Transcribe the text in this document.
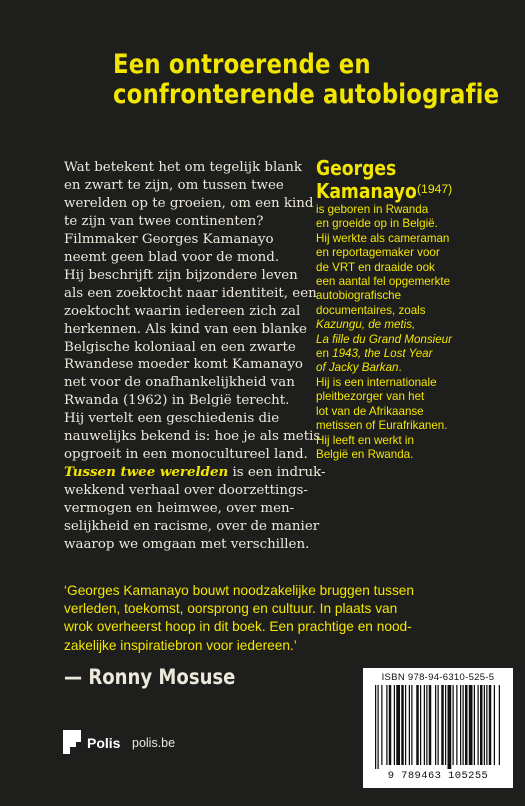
Een ontroerende en
confronterende autobiografie
Wat betekent het om tegelijk blank
en zwart te zijn, om tussen twee
werelden op te groeien, om een kind
te zijn van twee continenten?
Filmmaker Georges Kamanayo
neemt geen blad voor de mond.
Hij beschrijft zijn bijzondere leven
als een zoektocht naar identiteit, een
zoektocht waarin iedereen zich zal
herkennen. Als kind van een blanke
Belgische koloniaal en een zwarte
Rwandese moeder komt Kamanayo
net voor de onafhankelijkheid van
Rwanda (1962) in België terecht.
Hij vertelt een geschiedenis die
nauwelijks bekend is: hoe je als metis
opgroeit in een monocultureel land.
Tussen twee werelden is een indruk-
wekkend verhaal over doorzettings-
vermogen en heimwee, over men-
selijkheid en racisme, over de manier
waarop we omgaan met verschillen.
Georges
Kamanayo (1947)
is geboren in Rwanda
en groeide op in België.
Hij werkte als cameraman
en reportagemaker voor
de VRT en draaide ook
een aantal fel opgemerkte
autobiografische
documentaires, zoals
Kazungu, de metis,
La fille du Grand Monsieur
en 1943, the Lost Year
of Jacky Barkan.
Hij is een internationale
pleitbezorger van het
lot van de Afrikaanse
metissen of Eurafrikanen.
Hij leeft en werkt in
België en Rwanda.
‘Georges Kamanayo bouwt noodzakelijke bruggen tussen
verleden, toekomst, oorsprong en cultuur. In plaats van
wrok overheerst hoop in dit boek. Een prachtige en nood-
zakelijke inspiratiebron voor iedereen.’
— Ronny Mosuse
Polis polis.be
ISBN 978-94-6310-525-5
9 789463 105255
